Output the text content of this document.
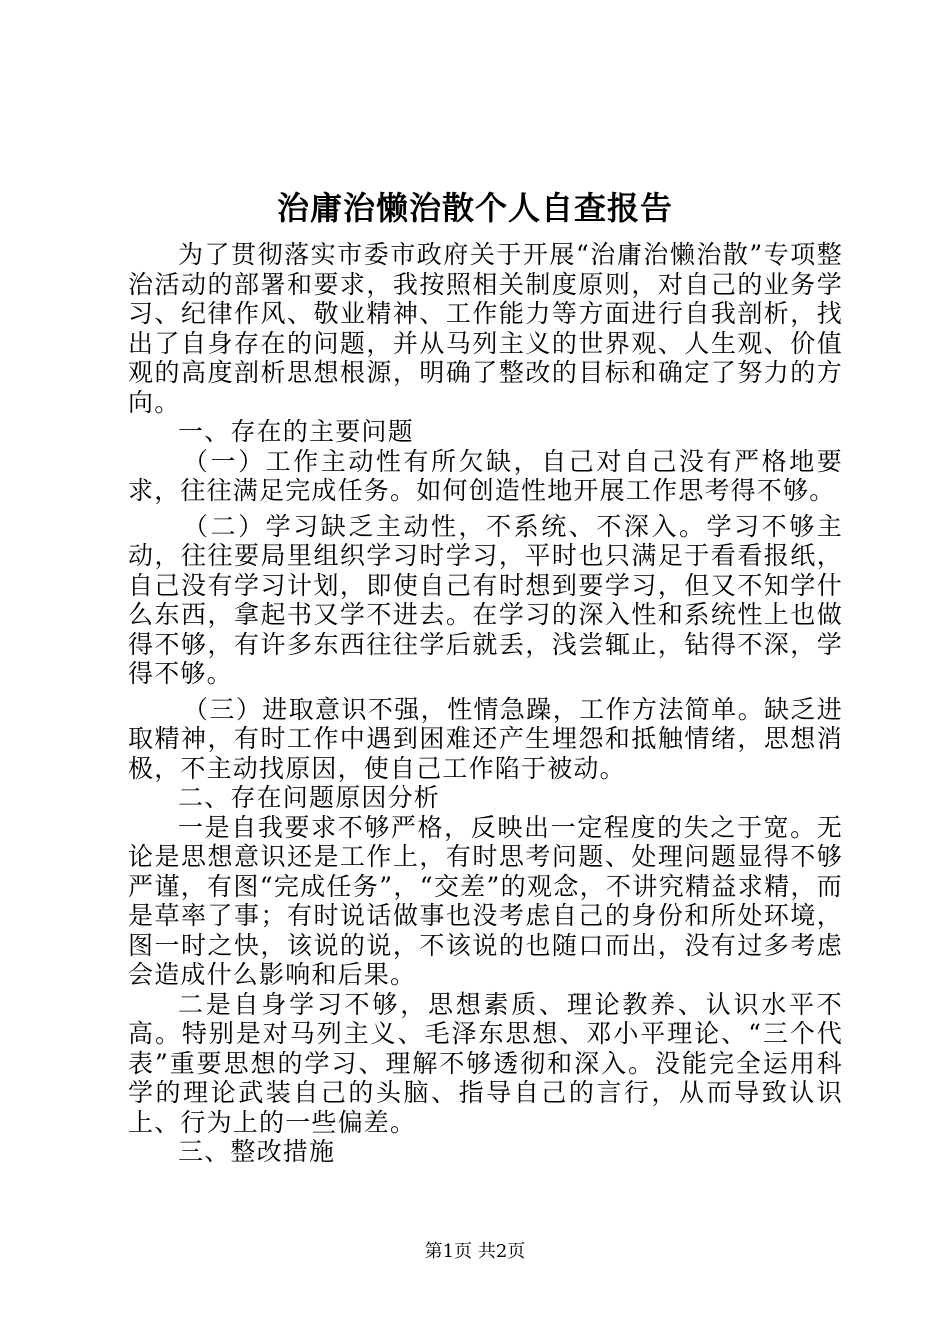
治庸治懒治散个人自查报告

为了贯彻落实市委市政府关于开展“治庸治懒治散”专项整治活动的部署和要求，我按照相关制度原则，对自己的业务学习、纪律作风、敬业精神、工作能力等方面进行自我剖析，找出了自身存在的问题，并从马列主义的世界观、人生观、价值观的高度剖析思想根源，明确了整改的目标和确定了努力的方向。

一、存在的主要问题

（一）工作主动性有所欠缺，自己对自己没有严格地要求，往往满足完成任务。如何创造性地开展工作思考得不够。

（二）学习缺乏主动性，不系统、不深入。学习不够主动，往往要局里组织学习时学习，平时也只满足于看看报纸，自己没有学习计划，即使自己有时想到要学习，但又不知学什么东西，拿起书又学不进去。在学习的深入性和系统性上也做得不够，有许多东西往往学后就丢，浅尝辄止，钻得不深，学得不够。

（三）进取意识不强，性情急躁，工作方法简单。缺乏进取精神，有时工作中遇到困难还产生埋怨和抵触情绪，思想消极，不主动找原因，使自己工作陷于被动。

二、存在问题原因分析

一是自我要求不够严格，反映出一定程度的失之于宽。无论是思想意识还是工作上，有时思考问题、处理问题显得不够严谨，有图“完成任务”，“交差”的观念，不讲究精益求精，而是草率了事；有时说话做事也没考虑自己的身份和所处环境，图一时之快，该说的说，不该说的也随口而出，没有过多考虑会造成什么影响和后果。

二是自身学习不够，思想素质、理论教养、认识水平不高。特别是对马列主义、毛泽东思想、邓小平理论、“三个代表”重要思想的学习、理解不够透彻和深入。没能完全运用科学的理论武装自己的头脑、指导自己的言行，从而导致认识上、行为上的一些偏差。

三、整改措施

第1页 共2页
